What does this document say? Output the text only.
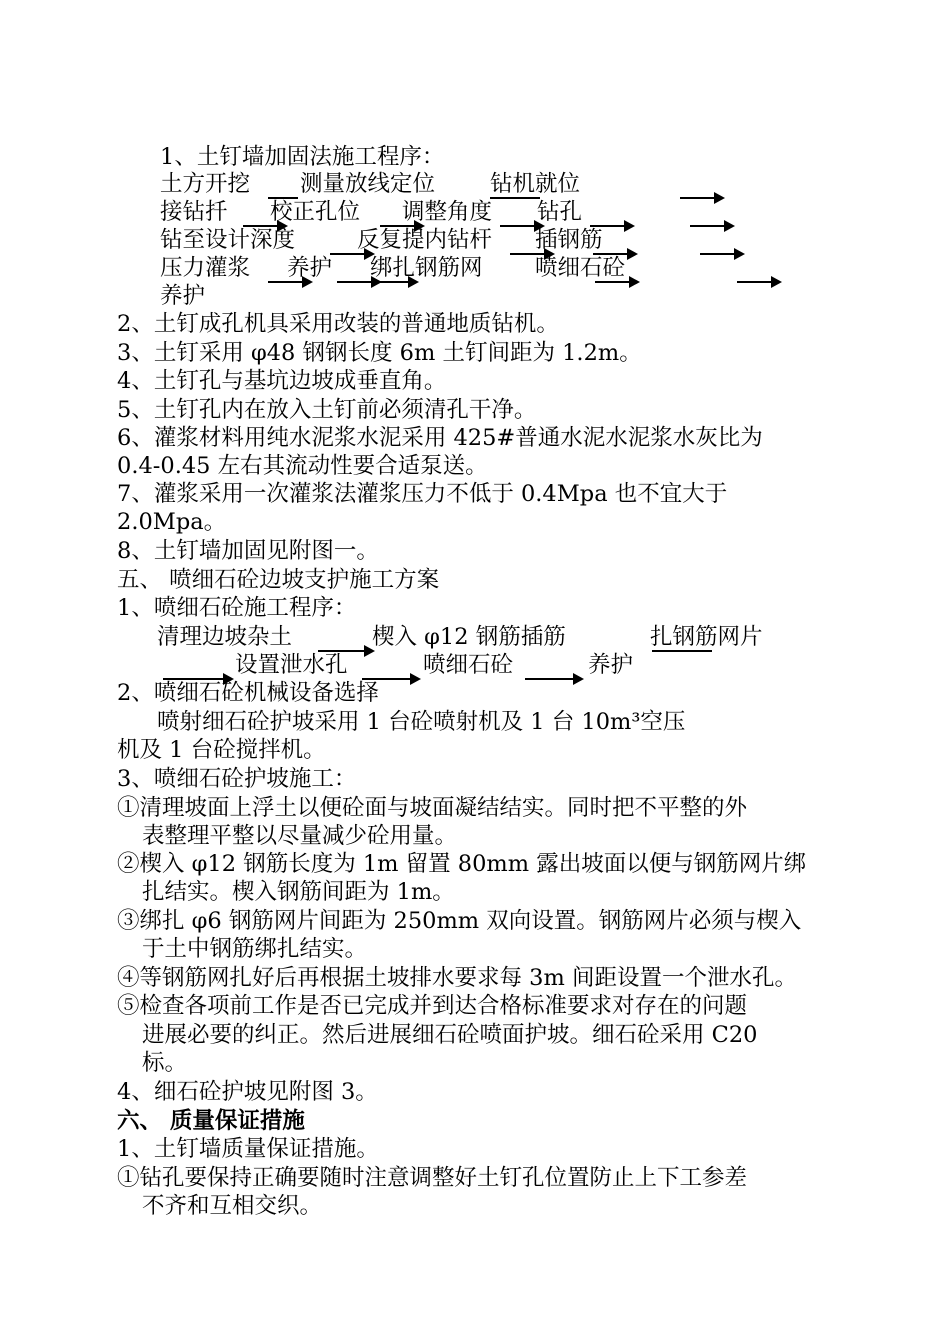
1、土钉墙加固法施工程序：

土方开挖 测量放线定位 钻机就位

接钻扦 校正孔位 调整角度 钻孔

钻至设计深度	反复提内钻杆 插钢筋

压力灌浆 养护 绑扎钢筋网 喷细石砼

养护

2、土钉成孔机具采用改装的普通地质钻机。

3、土钉采用 φ48 钢钢长度 6m 土钉间距为 1.2m。

4、土钉孔与基坑边坡成垂直角。

5、土钉孔内在放入土钉前必须清孔干净。

6、灌浆材料用纯水泥浆水泥采用 425#普通水泥水泥浆水灰比为

0.4-0.45 左右其流动性要合适泵送。

7、灌浆采用一次灌浆法灌浆压力不低于 0.4Mpa 也不宜大于

2.0Mpa。

8、土钉墙加固见附图一。

五、 喷细石砼边坡支护施工方案

1、喷细石砼施工程序：

清理边坡杂土	楔入 φ12 钢筋插筋	扎钢筋网片

设置泄水孔	喷细石砼	养护

2、喷细石砼机械设备选择

喷射细石砼护坡采用 1 台砼喷射机及 1 台 10m³空压

机及 1 台砼搅拌机。

3、喷细石砼护坡施工：

①清理坡面上浮土以便砼面与坡面凝结结实。同时把不平整的外

表整理平整以尽量减少砼用量。

②楔入 φ12 钢筋长度为 1m 留置 80mm 露出坡面以便与钢筋网片绑

扎结实。楔入钢筋间距为 1m。

③绑扎 φ6 钢筋网片间距为 250mm 双向设置。钢筋网片必须与楔入

于土中钢筋绑扎结实。

④等钢筋网扎好后再根据土坡排水要求每 3m 间距设置一个泄水孔。

⑤检查各项前工作是否已完成并到达合格标准要求对存在的问题

进展必要的纠正。然后进展细石砼喷面护坡。细石砼采用 C20

标。

4、细石砼护坡见附图 3。

六、 质量保证措施

1、土钉墙质量保证措施。

①钻孔要保持正确要随时注意调整好土钉孔位置防止上下工参差

不齐和互相交织。
